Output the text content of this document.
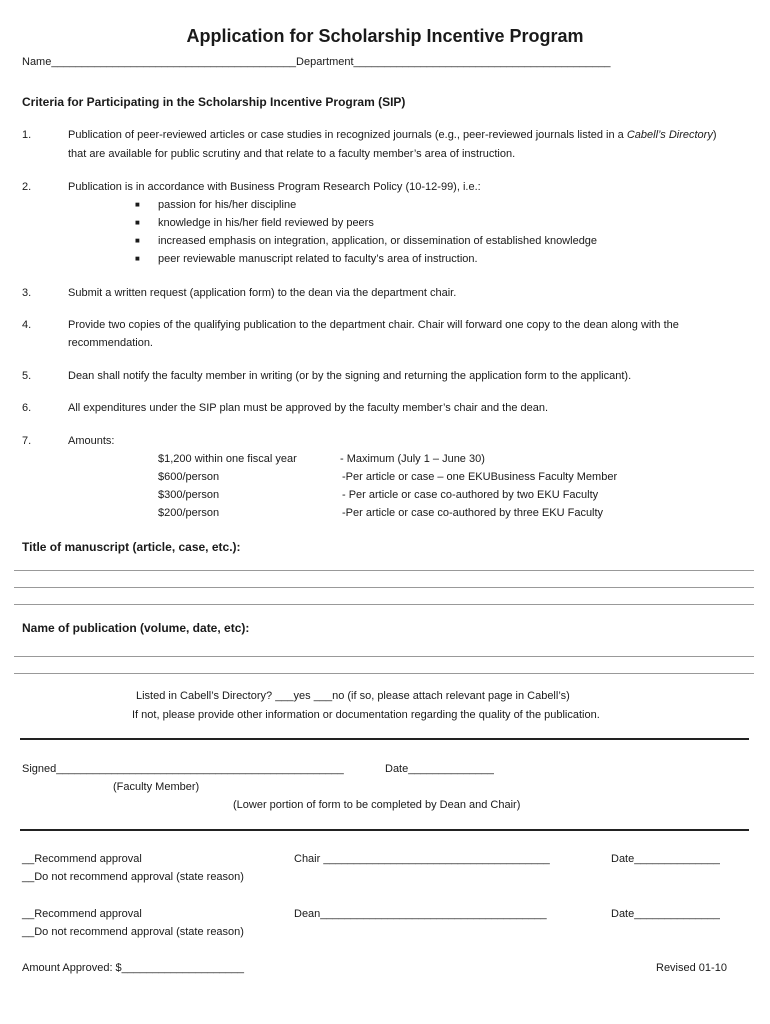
Application for Scholarship Incentive Program
Name________________________________________Department__________________________________________
Criteria for Participating in the Scholarship Incentive Program (SIP)
1.	Publication of peer-reviewed articles or case studies in recognized journals (e.g., peer-reviewed journals listed in a Cabell’s Directory)
that are available for public scrutiny and that relate to a faculty member’s area of instruction.
2.	Publication is in accordance with Business Program Research Policy (10-12-99), i.e.:
■ passion for his/her discipline
■ knowledge in his/her field reviewed by peers
■ increased emphasis on integration, application, or dissemination of established knowledge
■ peer reviewable manuscript related to faculty’s area of instruction.
3.	Submit a written request (application form) to the dean via the department chair.
4.	Provide two copies of the qualifying publication to the department chair. Chair will forward one copy to the dean along with the
recommendation.
5.	Dean shall notify the faculty member in writing (or by the signing and returning the application form to the applicant).
6.	All expenditures under the SIP plan must be approved by the faculty member’s chair and the dean.
7.	Amounts:
$1,200 within one fiscal year	- Maximum (July 1 – June 30)
$600/person	-Per article or case – one EKUBusiness Faculty Member
$300/person	- Per article or case co-authored by two EKU Faculty
$200/person	-Per article or case co-authored by three EKU Faculty
Title of manuscript (article, case, etc.):
Name of publication (volume, date, etc):
Listed in Cabell’s Directory? ___yes ___no (if so, please attach relevant page in Cabell’s)
If not, please provide other information or documentation regarding the quality of the publication.
Signed_______________________________________________	Date______________
(Faculty Member)
(Lower portion of form to be completed by Dean and Chair)
__Recommend approval
__Do not recommend approval (state reason)
Chair _____________________________________	Date______________
__Recommend approval
__Do not recommend approval (state reason)
Dean_____________________________________	Date______________
Amount Approved: $____________________	Revised 01-10
